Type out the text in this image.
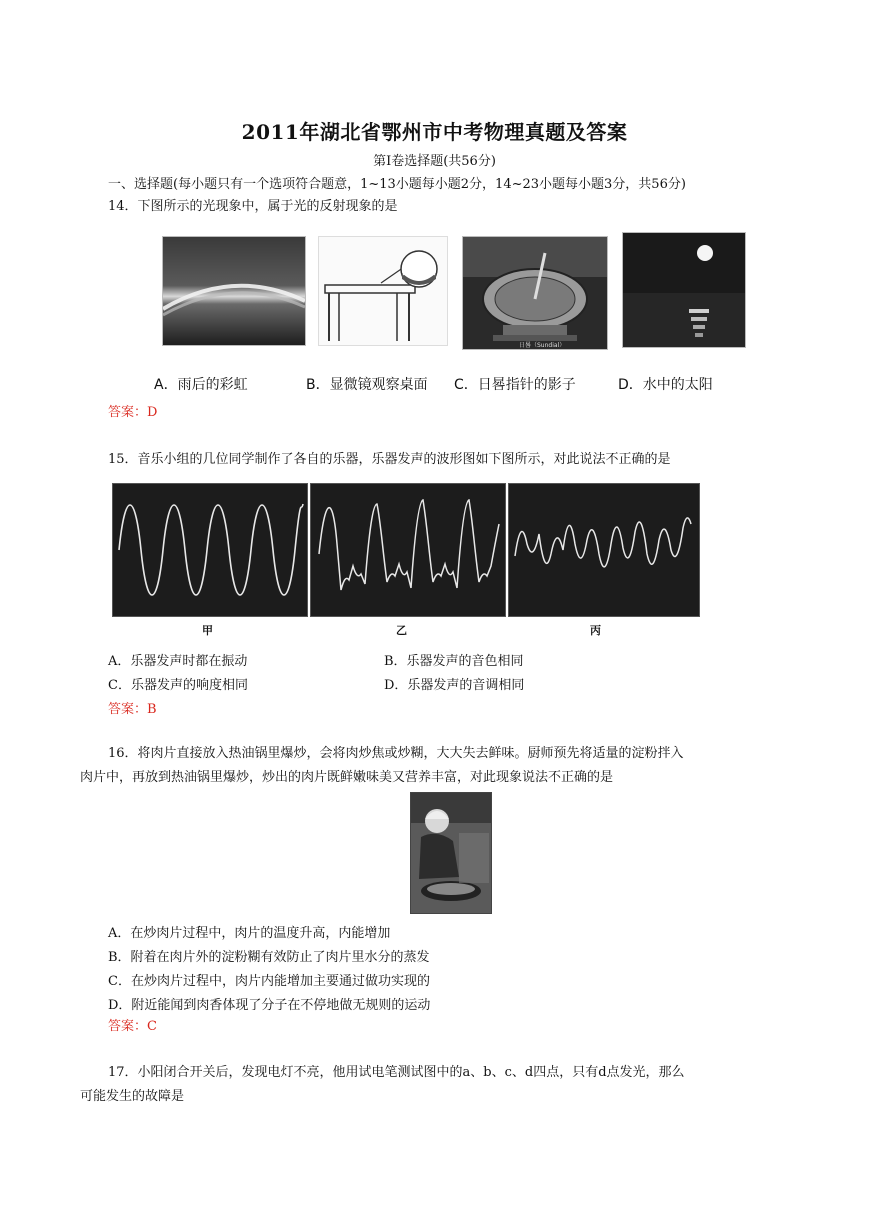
2011年湖北省鄂州市中考物理真题及答案
第Ⅰ卷选择题(共56分)
一、选择题(每小题只有一个选项符合题意，1~13小题每小题2分，14~23小题每小题3分，共56分)
14．下图所示的光现象中，属于光的反射现象的是
日晷（Sundial）
A．雨后的彩虹	B．显微镜观察桌面 C．日晷指针的影子	D．水中的太阳
答案：D
15．音乐小组的几位同学制作了各自的乐器，乐器发声的波形图如下图所示，对此说法不正确的是
甲	乙	丙
A．乐器发声时都在振动	B．乐器发声的音色相同
C．乐器发声的响度相同	D．乐器发声的音调相同
答案：B
16．将肉片直接放入热油锅里爆炒，会将肉炒焦或炒糊，大大失去鲜味。厨师预先将适量的淀粉拌入
肉片中，再放到热油锅里爆炒，炒出的肉片既鲜嫩味美又营养丰富，对此现象说法不正确的是
A．在炒肉片过程中，肉片的温度升高，内能增加
B．附着在肉片外的淀粉糊有效防止了肉片里水分的蒸发
C．在炒肉片过程中，肉片内能增加主要通过做功实现的
D．附近能闻到肉香体现了分子在不停地做无规则的运动
答案：C
17．小阳闭合开关后，发现电灯不亮，他用试电笔测试图中的a、b、c、d四点，只有d点发光，那么
可能发生的故障是
